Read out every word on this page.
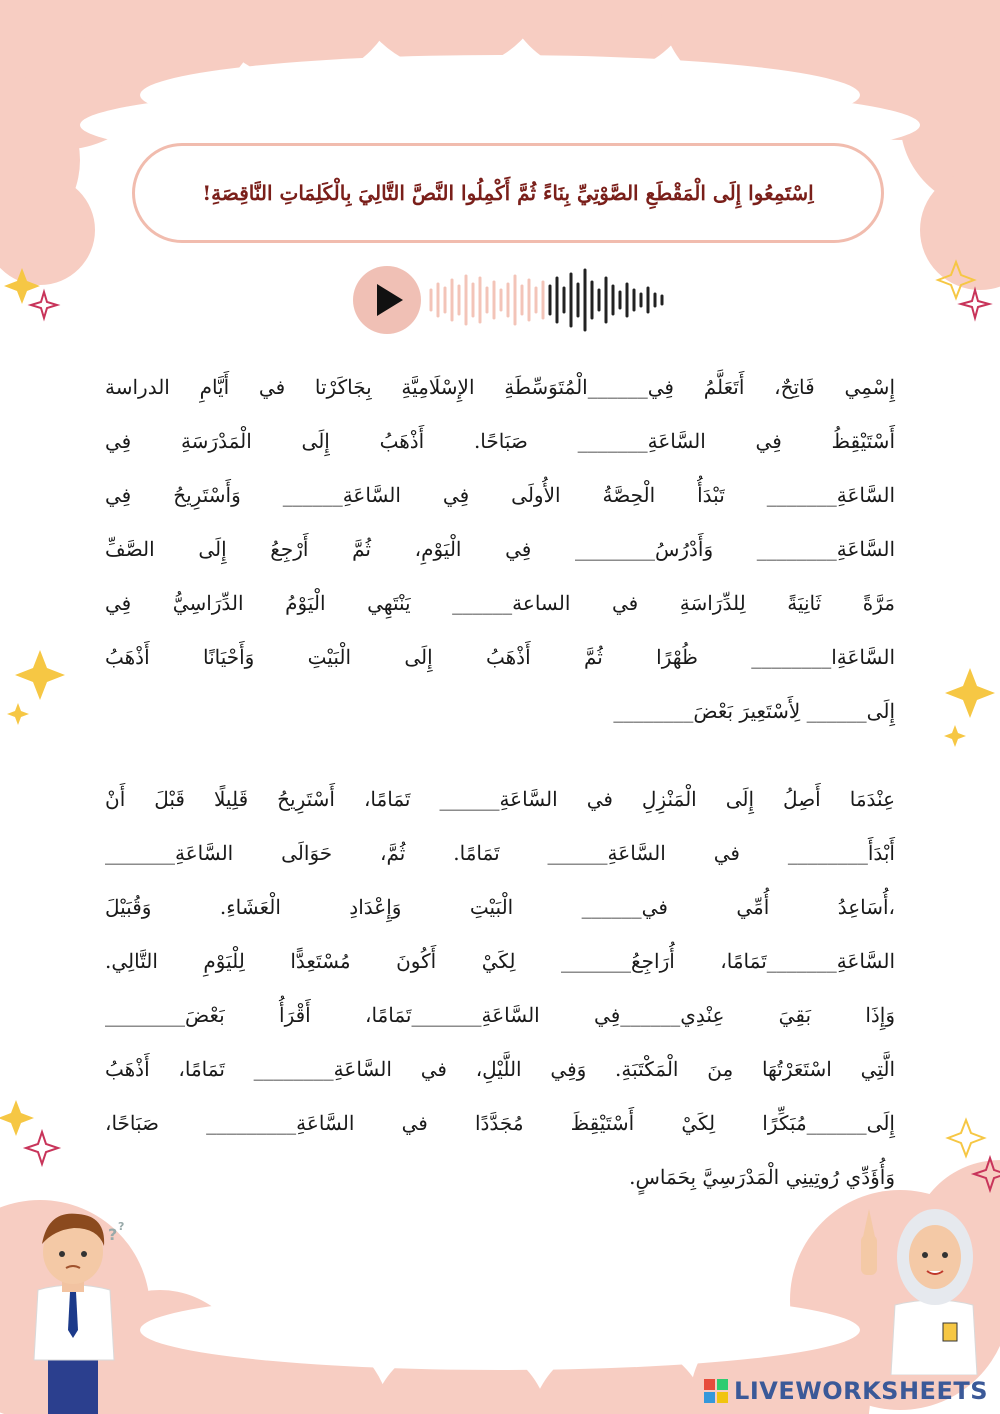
اِسْتَمِعُوا إِلَى الْمَقْطَعِ الصَّوْتِيِّ بِنَاءً ثُمَّ أَكْمِلُوا النَّصَّ التَّالِيَ بِالْكَلِمَاتِ النَّاقِصَةِ!
إِسْمِي فَاتِحٌ، أَتَعَلَّمُ فِي______الْمُتَوَسِّطَةِ الإِسْلَامِيَّةِ بِجَاكَرْتا في أَيَّامِ الدراسة
أَسْتَيْقِظُ فِي السَّاعَةِ_______ صَبَاحًا. أَذْهَبُ إِلَى الْمَدْرَسَةِ فِي
السَّاعَةِ_______ تَبْدَأُ الْحِصَّةُ الأُولَى فِي السَّاعَةِ______ وَأَسْتَرِيحُ فِي
السَّاعَةِ________ وَأَدْرُسُ________ فِي الْيَوْمِ، ثُمَّ أَرْجِعُ إِلَى الصَّفِّ
مَرَّةً ثَانِيَةً لِلدِّرَاسَةِ في الساعة______ يَنْتَهِي الْيَوْمُ الدِّرَاسِيُّ فِي
السَّاعَةِا________ ظُهْرًا ثُمَّ أَذْهَبُ إِلَى الْبَيْتِ وَأَحْيَانًا أَذْهَبُ
إِلَى______ لِأَسْتَعِيرَ بَعْضَ________
عِنْدَمَا أَصِلُ إِلَى الْمَنْزِلِ في السَّاعَةِ______ تَمَامًا، أَسْتَرِيحُ قَلِيلًا قَبْلَ أَنْ
أَبْدَأَ________ في السَّاعَةِ______ تَمَامًا. ثُمَّ، حَوَالَى السَّاعَةِ_______
،أُسَاعِدُ أُمِّي في______ الْبَيْتِ وَإِعْدَادِ الْعَشَاءِ. وَقُبَيْلَ
السَّاعَةِ_______تَمَامًا، أُرَاجِعُ_______ لِكَيْ أَكُونَ مُسْتَعِدًّا لِلْيَوْمِ التَّالِي.
وَإِذَا بَقِيَ عِنْدِي______فِي السَّاعَةِ_______تَمَامًا، أَقْرَأُ بَعْضَ________
الَّتِي اسْتَعَرْتُهَا مِنَ الْمَكْتَبَةِ. وَفِي اللَّيْلِ، في السَّاعَةِ________ تَمَامًا، أَذْهَبُ
إِلَى______مُبَكِّرًا لِكَيْ أَسْتَيْقِظَ مُجَدَّدًا في السَّاعَةِ_________ صَبَاحًا،
وَأُؤَدِّي رُوتِينِي الْمَدْرَسِيَّ بِحَمَاسٍ.
? ?
LIVEWORKSHEETS
